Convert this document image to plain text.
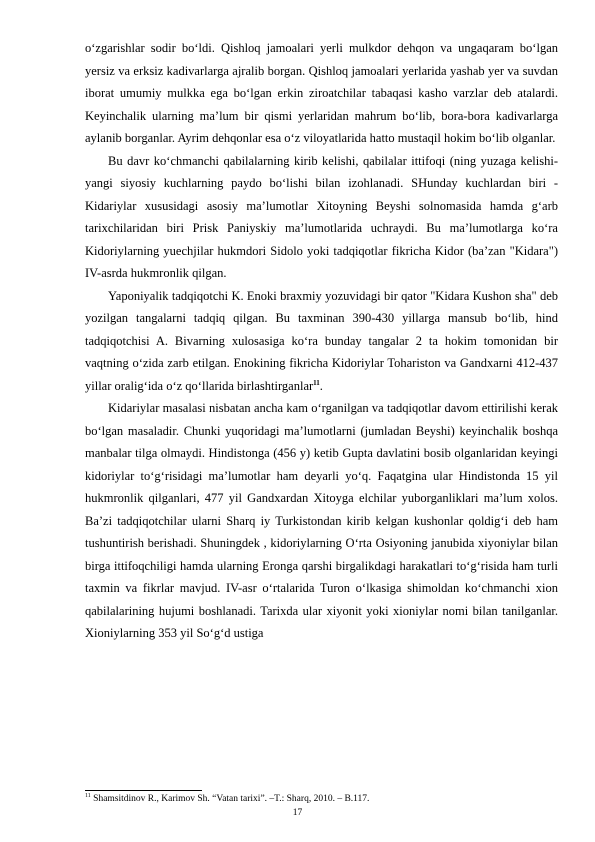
o‘zgarishlar sodir bo‘ldi. Qishloq jamoalari yerli mulkdor dehqon va ungaqaram bo‘lgan yersiz va erksiz kadivarlarga ajralib borgan. Qishloq jamoalari yerlarida yashab yer va suvdan iborat umumiy mulkka ega bo‘lgan erkin ziroatchilar tabaqasi kasho varzlar deb atalardi. Keyinchalik ularning ma’lum bir qismi yerlaridan mahrum bo‘lib, bora-bora kadivarlarga aylanib borganlar. Ayrim dehqonlar esa o‘z viloyatlarida hatto mustaqil hokim bo‘lib olganlar.

Bu davr ko‘chmanchi qabilalarning kirib kelishi, qabilalar ittifoqi (ning yuzaga kelishi-yangi siyosiy kuchlarning paydo bo‘lishi bilan izohlanadi. SHunday kuchlardan biri - Kidariylar xususidagi asosiy ma’lumotlar Xitoyning Beyshi solnomasida hamda g‘arb tarixchilaridan biri Prisk Paniyskiy ma’lumotlarida uchraydi. Bu ma’lumotlarga ko‘ra Kidoriylarning yuechjilar hukmdori Sidolo yoki tadqiqotlar fikricha Kidor (ba’zan "Kidara") IV-asrda hukmronlik qilgan.

Yaponiyalik tadqiqotchi K. Enoki braxmiy yozuvidagi bir qator "Kidara Kushon sha" deb yozilgan tangalarni tadqiq qilgan. Bu taxminan 390-430 yillarga mansub bo‘lib, hind tadqiqotchisi A. Bivarning xulosasiga ko‘ra bunday tangalar 2 ta hokim tomonidan bir vaqtning o‘zida zarb etilgan. Enokining fikricha Kidoriylar Tohariston va Gandxarni 412-437 yillar oralig‘ida o‘z qo‘llarida birlashtirganlar$^{11}$.

Kidariylar masalasi nisbatan ancha kam o‘rganilgan va tadqiqotlar davom ettirilishi kerak bo‘lgan masaladir. Chunki yuqoridagi ma’lumotlarni (jumladan Beyshi) keyinchalik boshqa manbalar tilga olmaydi. Hindistonga (456 y) ketib Gupta davlatini bosib olganlaridan keyingi kidoriylar to‘g‘risidagi ma’lumotlar ham deyarli yo‘q. Faqatgina ular Hindistonda 15 yil hukmronlik qilganlari, 477 yil Gandxardan Xitoyga elchilar yuborganliklari ma’lum xolos. Ba’zi tadqiqotchilar ularni Sharq iy Turkistondan kirib kelgan kushonlar qoldig‘i deb ham tushuntirish berishadi. Shuningdek , kidoriylarning O‘rta Osiyoning janubida xiyoniylar bilan birga ittifoqchiligi hamda ularning Eronga qarshi birgalikdagi harakatlari to‘g‘risida ham turli taxmin va fikrlar mavjud. IV-asr o‘rtalarida Turon o‘lkasiga shimoldan ko‘chmanchi xion qabilalarining hujumi boshlanadi. Tarixda ular xiyonit yoki xioniylar nomi bilan tanilganlar. Xioniylarning 353 yil So‘g‘d ustiga

$^{11}$ Shamsitdinov R., Karimov Sh. “Vatan tarixi”. –T.: Sharq, 2010. – B.117.
17
